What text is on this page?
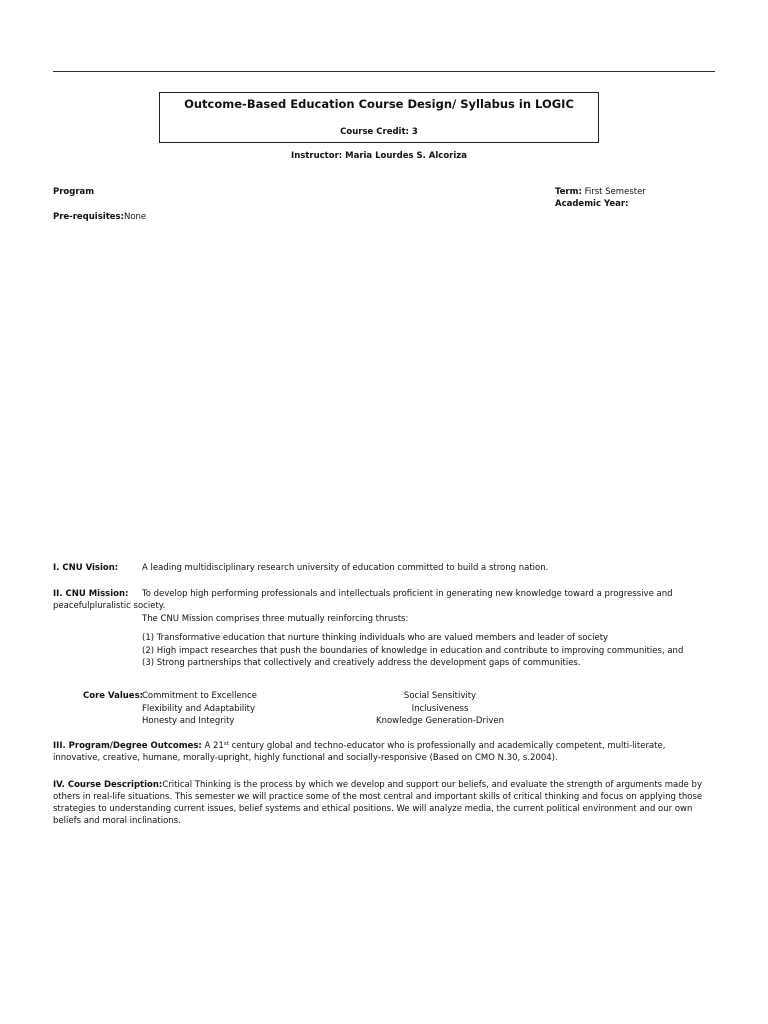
Outcome-Based Education Course Design/ Syllabus in LOGIC
Course Credit: 3
Instructor: Maria Lourdes S. Alcoriza
Program
Pre-requisites:None
Term: First Semester
Academic Year:
I. CNU Vision:	A leading multidisciplinary research university of education committed to build a strong nation.
II. CNU Mission: To develop high performing professionals and intellectuals proficient in generating new knowledge toward a progressive and
peacefulpluralistic society.
The CNU Mission comprises three mutually reinforcing thrusts:
(1) Transformative education that nurture thinking individuals who are valued members and leader of society
(2) High impact researches that push the boundaries of knowledge in education and contribute to improving communities, and
(3) Strong partnerships that collectively and creatively address the development gaps of communities.
Core Values:
Commitment to Excellence
Flexibility and Adaptability
Honesty and Integrity
Social Sensitivity
Inclusiveness
Knowledge Generation-Driven
III. Program/Degree Outcomes: A 21st century global and techno-educator who is professionally and academically competent, multi-literate, innovative, creative, humane, morally-upright, highly functional and socially-responsive (Based on CMO N.30, s.2004).
IV. Course Description:Critical Thinking is the process by which we develop and support our beliefs, and evaluate the strength of arguments made by others in real-life situations. This semester we will practice some of the most central and important skills of critical thinking and focus on applying those strategies to understanding current issues, belief systems and ethical positions. We will analyze media, the current political environment and our own beliefs and moral inclinations.
